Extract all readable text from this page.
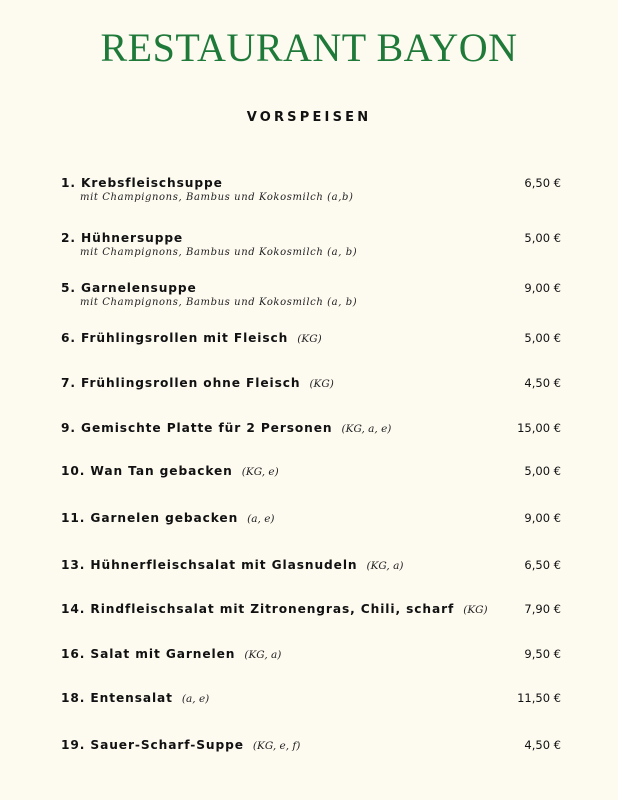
RESTAURANT BAYON
VORSPEISEN
1. Krebsfleischsuppe	6,50 €
mit Champignons, Bambus und Kokosmilch (a,b)
2. Hühnersuppe	5,00 €
mit Champignons, Bambus und Kokosmilch (a, b)
5. Garnelensuppe	9,00 €
mit Champignons, Bambus und Kokosmilch (a, b)
6. Frühlingsrollen mit Fleisch (KG)	5,00 €
7. Frühlingsrollen ohne Fleisch (KG)	4,50 €
9. Gemischte Platte für 2 Personen (KG, a, e)	15,00 €
10. Wan Tan gebacken (KG, e)	5,00 €
11. Garnelen gebacken (a, e)	9,00 €
13. Hühnerfleischsalat mit Glasnudeln (KG, a)	6,50 €
14. Rindfleischsalat mit Zitronengras, Chili, scharf (KG)	7,90 €
16. Salat mit Garnelen (KG, a)	9,50 €
18. Entensalat (a, e)	11,50 €
19. Sauer-Scharf-Suppe (KG, e, f)	4,50 €
